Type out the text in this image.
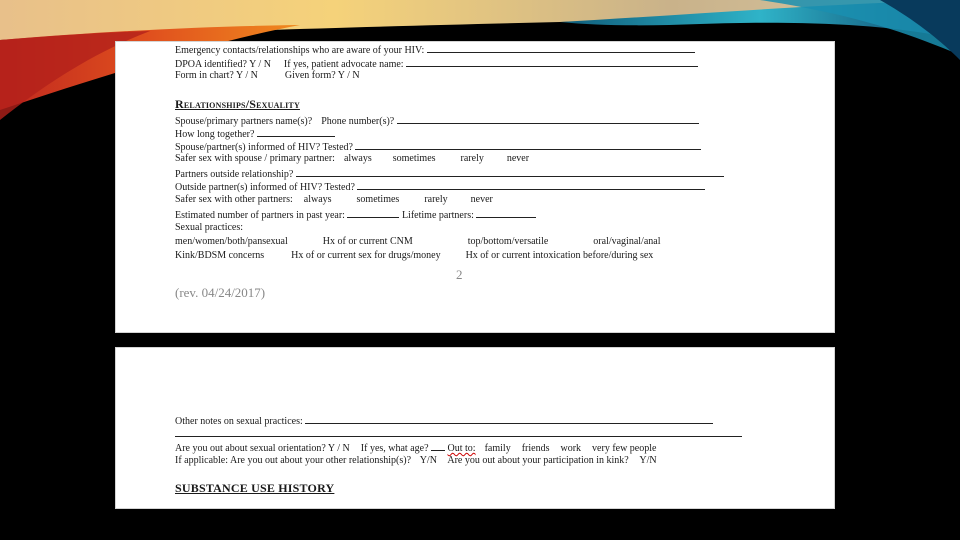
Emergency contacts/relationships who are aware of your HIV:
DPOA identified? Y / N If yes, patient advocate name:
Form in chart? Y / N	Given form? Y / N
Relationships/Sexuality
Spouse/primary partners name(s)? Phone number(s)?
How long together?
Spouse/partner(s) informed of HIV? Tested?
Safer sex with spouse / primary partner: always sometimes	rarely never
Partners outside relationship?
Outside partner(s) informed of HIV? Tested?
Safer sex with other partners: always	sometimes	rarely never
Estimated number of partners in past year:	Lifetime partners:
Sexual practices:
men/women/both/pansexual	Hx of or current CNM	top/bottom/versatile	oral/vaginal/anal
Kink/BDSM concerns	Hx of or current sex for drugs/money	Hx of or current intoxication before/during sex
2
(rev. 04/24/2017)
Other notes on sexual practices:
Are you out about sexual orientation? Y / N If yes, what age? Out to: family friends work very few people
If applicable: Are you out about your other relationship(s)? Y/N Are you out about your participation in kink? Y/N
SUBSTANCE USE HISTORY
